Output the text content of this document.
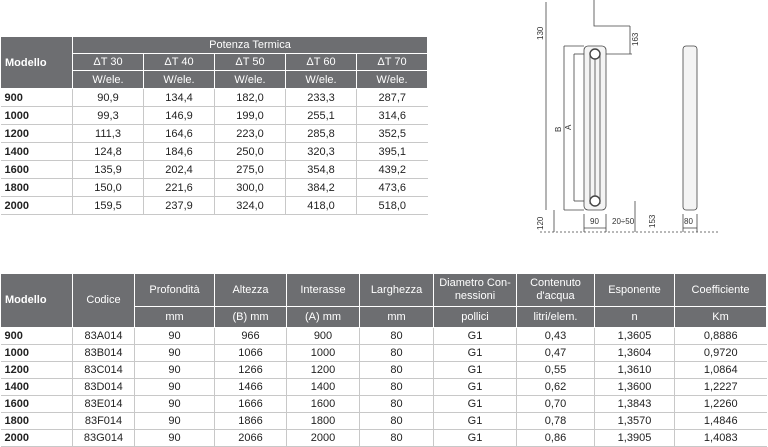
Modello	Potenza Termica				
	ΔT 30	ΔT 40	ΔT 50	ΔT 60	ΔT 70
	W/ele.	W/ele.	W/ele.	W/ele.	W/ele.
900	90,9	134,4	182,0	233,3	287,7
1000	99,3	146,9	199,0	255,1	314,6
1200	111,3	164,6	223,0	285,8	352,5
1400	124,8	184,6	250,0	320,3	395,1
1600	135,9	202,4	275,0	354,8	439,2
1800	150,0	221,6	300,0	384,2	473,6
2000	159,5	237,9	324,0	418,0	518,0
130	163
B A
120	90 20÷50 153	80
Modello	Codice	Profondità	Altezza	Interasse	Larghezza	Diametro Con-nessioni	Contenuto d'acqua	Esponente	Coefficiente
		mm	(B) mm	(A) mm	mm	pollici	litri/elem.	n	Km
900	83A014	90	966	900	80	G1	0,43	1,3605	0,8886
1000	83B014	90	1066	1000	80	G1	0,47	1,3604	0,9720
1200	83C014	90	1266	1200	80	G1	0,55	1,3610	1,0864
1400	83D014	90	1466	1400	80	G1	0,62	1,3600	1,2227
1600	83E014	90	1666	1600	80	G1	0,70	1,3843	1,2260
1800	83F014	90	1866	1800	80	G1	0,78	1,3570	1,4846
2000	83G014	90	2066	2000	80	G1	0,86	1,3905	1,4083
